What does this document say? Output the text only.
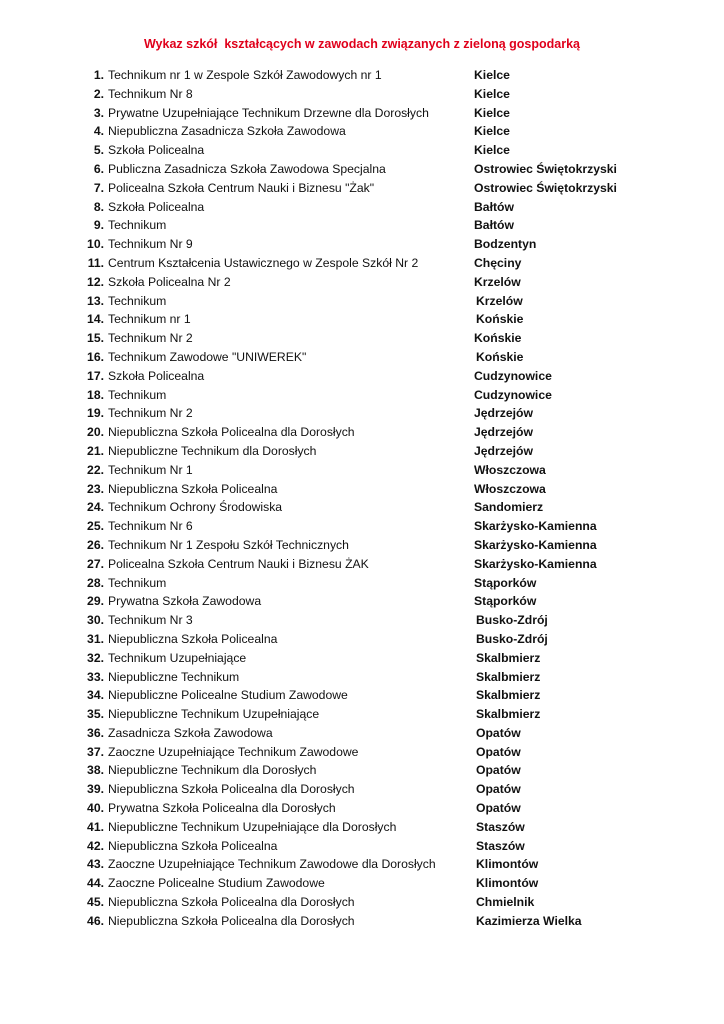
Wykaz szkół  kształcących w zawodach związanych z zieloną gospodarką
1. Technikum nr 1 w Zespole Szkół Zawodowych nr 1	Kielce
2. Technikum Nr 8	Kielce
3. Prywatne Uzupełniające Technikum Drzewne dla Dorosłych	Kielce
4. Niepubliczna Zasadnicza Szkoła Zawodowa	Kielce
5. Szkoła Policealna	Kielce
6. Publiczna Zasadnicza Szkoła Zawodowa Specjalna	Ostrowiec Świętokrzyski
7. Policealna Szkoła Centrum Nauki i Biznesu "Żak"	Ostrowiec Świętokrzyski
8. Szkoła Policealna	Bałtów
9. Technikum	Bałtów
10. Technikum Nr 9	Bodzentyn
11. Centrum Kształcenia Ustawicznego w Zespole Szkół Nr 2	Chęciny
12. Szkoła Policealna Nr 2	Krzelów
13. Technikum	Krzelów
14. Technikum nr 1	Końskie
15. Technikum Nr 2	Końskie
16. Technikum Zawodowe "UNIWEREK"	Końskie
17. Szkoła Policealna	Cudzynowice
18. Technikum	Cudzynowice
19. Technikum Nr 2	Jędrzejów
20. Niepubliczna Szkoła Policealna dla Dorosłych	Jędrzejów
21. Niepubliczne Technikum dla Dorosłych	Jędrzejów
22. Technikum Nr 1	Włoszczowa
23. Niepubliczna Szkoła Policealna	Włoszczowa
24. Technikum Ochrony Środowiska	Sandomierz
25. Technikum Nr 6	Skarżysko-Kamienna
26. Technikum Nr 1 Zespołu Szkół Technicznych	Skarżysko-Kamienna
27. Policealna Szkoła Centrum Nauki i Biznesu ŻAK	Skarżysko-Kamienna
28. Technikum	Stąporków
29. Prywatna Szkoła Zawodowa	Stąporków
30. Technikum Nr 3	Busko-Zdrój
31. Niepubliczna Szkoła Policealna	Busko-Zdrój
32. Technikum Uzupełniające	Skalbmierz
33. Niepubliczne Technikum	Skalbmierz
34. Niepubliczne Policealne Studium Zawodowe	Skalbmierz
35. Niepubliczne Technikum Uzupełniające	Skalbmierz
36. Zasadnicza Szkoła Zawodowa	Opatów
37. Zaoczne Uzupełniające Technikum Zawodowe	Opatów
38. Niepubliczne Technikum dla Dorosłych	Opatów
39. Niepubliczna Szkoła Policealna dla Dorosłych	Opatów
40. Prywatna Szkoła Policealna dla Dorosłych	Opatów
41. Niepubliczne Technikum Uzupełniające dla Dorosłych	Staszów
42. Niepubliczna Szkoła Policealna	Staszów
43. Zaoczne Uzupełniające Technikum Zawodowe dla Dorosłych	Klimontów
44. Zaoczne Policealne Studium Zawodowe	Klimontów
45. Niepubliczna Szkoła Policealna dla Dorosłych	Chmielnik
46. Niepubliczna Szkoła Policealna dla Dorosłych	Kazimierza Wielka
